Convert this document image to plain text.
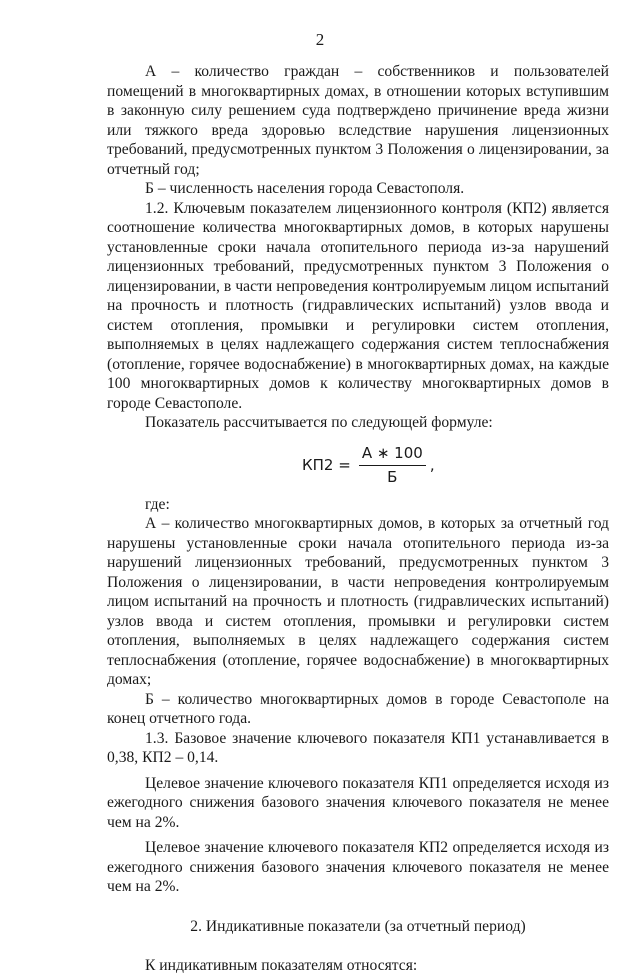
2

А – количество граждан – собственников и пользователей помещений в многоквартирных домах, в отношении которых вступившим в законную силу решением суда подтверждено причинение вреда жизни или тяжкого вреда здоровью вследствие нарушения лицензионных требований, предусмотренных пунктом 3 Положения о лицензировании, за отчетный год;

Б – численность населения города Севастополя.

1.2. Ключевым показателем лицензионного контроля (КП2) является соотношение количества многоквартирных домов, в которых нарушены установленные сроки начала отопительного периода из-за нарушений лицензионных требований, предусмотренных пунктом 3 Положения о лицензировании, в части непроведения контролируемым лицом испытаний на прочность и плотность (гидравлических испытаний) узлов ввода и систем отопления, промывки и регулировки систем отопления, выполняемых в целях надлежащего содержания систем теплоснабжения (отопление, горячее водоснабжение) в многоквартирных домах, на каждые 100 многоквартирных домов к количеству многоквартирных домов в городе Севастополе.

Показатель рассчитывается по следующей формуле:

$КП2 = \frac{А ∗ 100}{Б}$ ,

где:

А – количество многоквартирных домов, в которых за отчетный год нарушены установленные сроки начала отопительного периода из-за нарушений лицензионных требований, предусмотренных пунктом 3 Положения о лицензировании, в части непроведения контролируемым лицом испытаний на прочность и плотность (гидравлических испытаний) узлов ввода и систем отопления, промывки и регулировки систем отопления, выполняемых в целях надлежащего содержания систем теплоснабжения (отопление, горячее водоснабжение) в многоквартирных домах;

Б – количество многоквартирных домов в городе Севастополе на конец отчетного года.

1.3. Базовое значение ключевого показателя КП1 устанавливается в 0,38, КП2 – 0,14.

Целевое значение ключевого показателя КП1 определяется исходя из ежегодного снижения базового значения ключевого показателя не менее чем на 2%.

Целевое значение ключевого показателя КП2 определяется исходя из ежегодного снижения базового значения ключевого показателя не менее чем на 2%.

2. Индикативные показатели (за отчетный период)

К индикативным показателям относятся:
